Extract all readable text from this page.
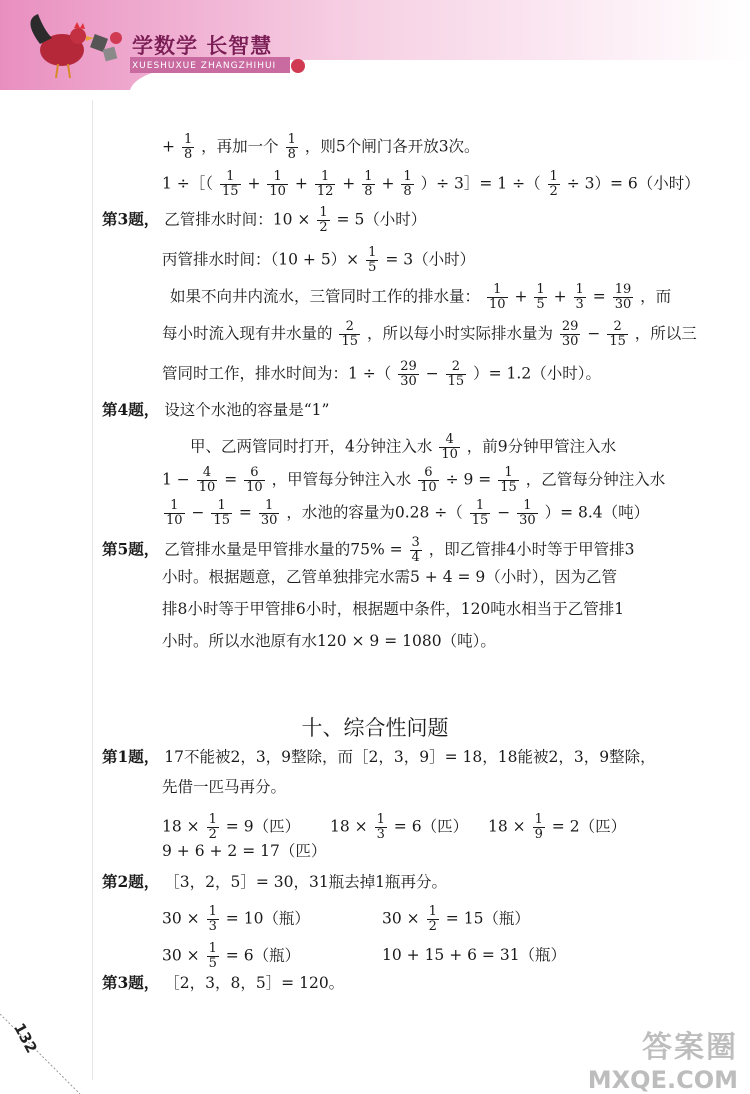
学数学 长智慧
XUESHUXUE ZHANGZHIHUI
+ $\frac{1}{8}$ ，再加一个 $\frac{1}{8}$ ，则5个闸门各开放3次。
1 ÷［（ $\frac{1}{15} + \frac{1}{10} + \frac{1}{12} + \frac{1}{8} + \frac{1}{8}$ ）÷ 3］= 1 ÷（ $\frac{1}{2} \div 3)= 6$（小时）
第3题， 乙管排水时间：$10 \times \frac{1}{2} = 5$（小时）
丙管排水时间：$(10 + 5)\times \frac{1}{5} = 3$（小时）
如果不向井内流水，三管同时工作的排水量： $\frac{1}{10} + \frac{1}{5} + \frac{1}{3} = \frac{19}{30}$ ，而
每小时流入现有井水量的 $\frac{2}{15}$ ，所以每小时实际排水量为 $\frac{29}{30} - \frac{2}{15}$ ，所以三
管同时工作，排水时间为：1 ÷（ $\frac{29}{30} - \frac{2}{15}$ ）= 1.2（小时）。
第4题， 设这个水池的容量是“1”
甲、乙两管同时打开，4分钟注入水 $\frac{4}{10}$ ，前9分钟甲管注入水
$1 - \frac{4}{10} = \frac{6}{10}$ ，甲管每分钟注入水 $\frac{6}{10} \div 9 = \frac{1}{15}$ ，乙管每分钟注入水
$\frac{1}{10} - \frac{1}{15} = \frac{1}{30}$ ，水池的容量为0.28 ÷（ $\frac{1}{15} - \frac{1}{30}$ ）= 8.4（吨）
第5题， 乙管排水量是甲管排水量的$75\% = \frac{3}{4}$ ，即乙管排4小时等于甲管排3
小时。根据题意，乙管单独排完水需5 + 4 = 9（小时），因为乙管
排8小时等于甲管排6小时，根据题中条件，120吨水相当于乙管排1
小时。所以水池原有水120 × 9 = 1080（吨）。
十、综合性问题
第1题， 17不能被2，3，9整除，而［2，3，9］= 18，18能被2，3，9整除，
先借一匹马再分。
$18 \times \frac{1}{2} = 9$（匹） $18 \times \frac{1}{3} = 6$（匹） $18 \times \frac{1}{9} = 2$（匹）
9 + 6 + 2 = 17（匹）
第2题， ［3，2，5］= 30，31瓶去掉1瓶再分。
$30 \times \frac{1}{3} = 10$（瓶）	$30 \times \frac{1}{2} = 15$（瓶）
$30 \times \frac{1}{5} = 6$（瓶）	10 + 15 + 6 = 31（瓶）
第3题， ［2，3，8，5］= 120。
132	答案圈
MXQE.COM
